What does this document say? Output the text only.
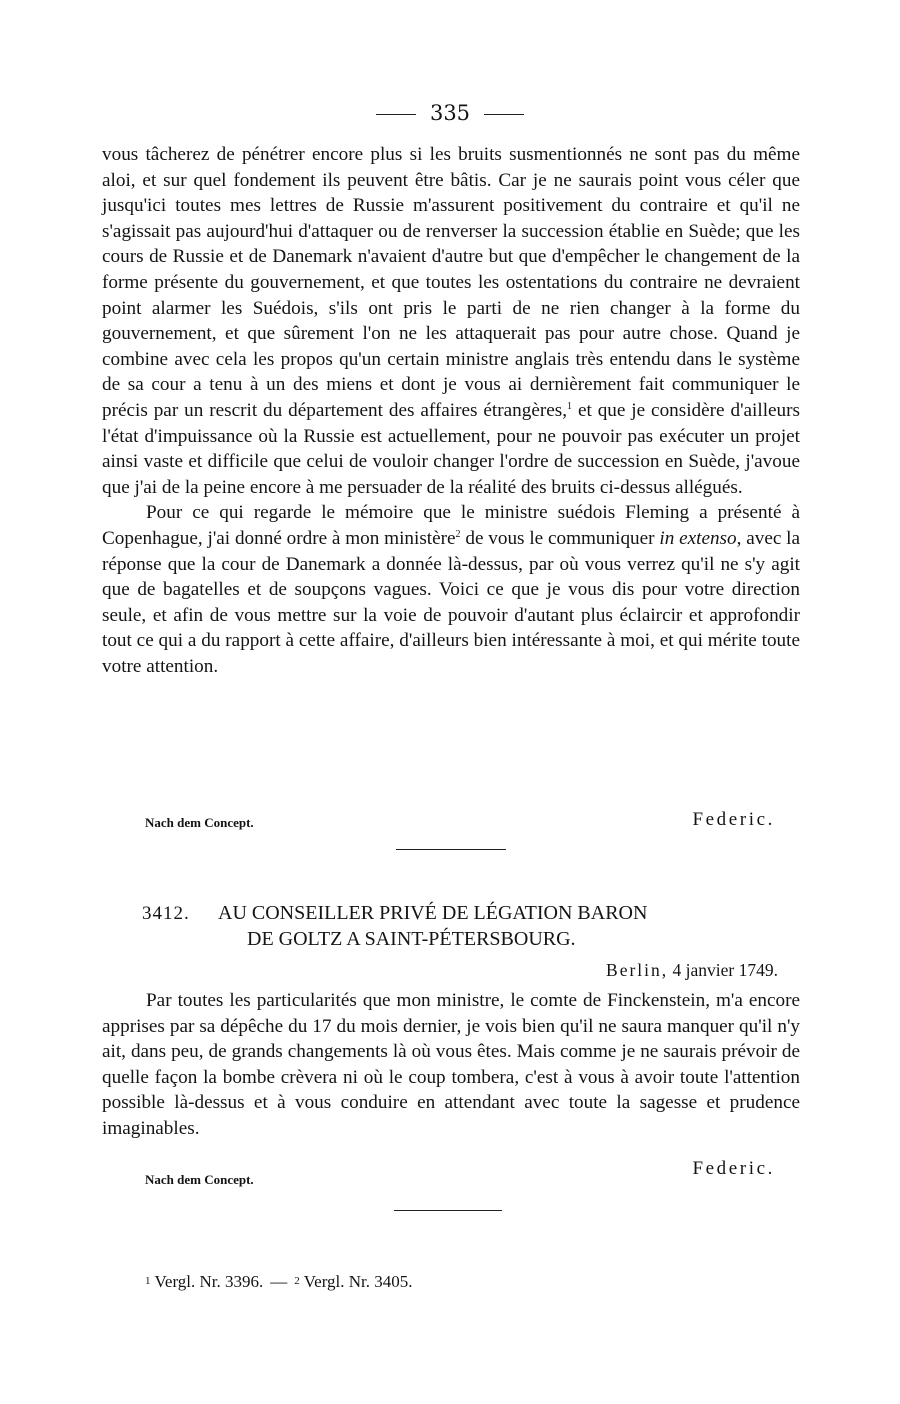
335

vous tâcherez de pénétrer encore plus si les bruits susmentionnés ne sont pas du même aloi, et sur quel fondement ils peuvent être bâtis. Car je ne saurais point vous céler que jusqu'ici toutes mes lettres de Russie m'assurent positivement du contraire et qu'il ne s'agissait pas aujourd'hui d'attaquer ou de renverser la succession établie en Suède; que les cours de Russie et de Danemark n'avaient d'autre but que d'empêcher le changement de la forme présente du gouvernement, et que toutes les ostentations du contraire ne devraient point alarmer les Suédois, s'ils ont pris le parti de ne rien changer à la forme du gouvernement, et que sûrement l'on ne les attaquerait pas pour autre chose. Quand je combine avec cela les propos qu'un certain ministre anglais très entendu dans le système de sa cour a tenu à un des miens et dont je vous ai dernièrement fait communiquer le précis par un rescrit du département des affaires étrangères,$^1$ et que je considère d'ailleurs l'état d'impuissance où la Russie est actuellement, pour ne pouvoir pas exécuter un projet ainsi vaste et difficile que celui de vouloir changer l'ordre de succession en Suède, j'avoue que j'ai de la peine encore à me persuader de la réalité des bruits ci-dessus allégués.

Pour ce qui regarde le mémoire que le ministre suédois Fleming a présenté à Copenhague, j'ai donné ordre à mon ministère$^2$ de vous le communiquer in extenso, avec la réponse que la cour de Danemark a donnée là-dessus, par où vous verrez qu'il ne s'y agit que de bagatelles et de soupçons vagues. Voici ce que je vous dis pour votre direction seule, et afin de vous mettre sur la voie de pouvoir d'autant plus éclaircir et approfondir tout ce qui a du rapport à cette affaire, d'ailleurs bien intéressante à moi, et qui mérite toute votre attention.

Nach dem Concept.	Federic.
3412. AU CONSEILLER PRIVÉ DE LÉGATION BARON
DE GOLTZ A SAINT-PÉTERSBOURG.
Berlin, 4 janvier 1749.

Par toutes les particularités que mon ministre, le comte de Finckenstein, m'a encore apprises par sa dépêche du 17 du mois dernier, je vois bien qu'il ne saura manquer qu'il n'y ait, dans peu, de grands changements là où vous êtes. Mais comme je ne saurais prévoir de quelle façon la bombe crèvera ni où le coup tombera, c'est à vous à avoir toute l'attention possible là-dessus et à vous conduire en attendant avec toute la sagesse et prudence imaginables.

Nach dem Concept.
Federic.
1 Vergl. Nr. 3396. — 2 Vergl. Nr. 3405.
